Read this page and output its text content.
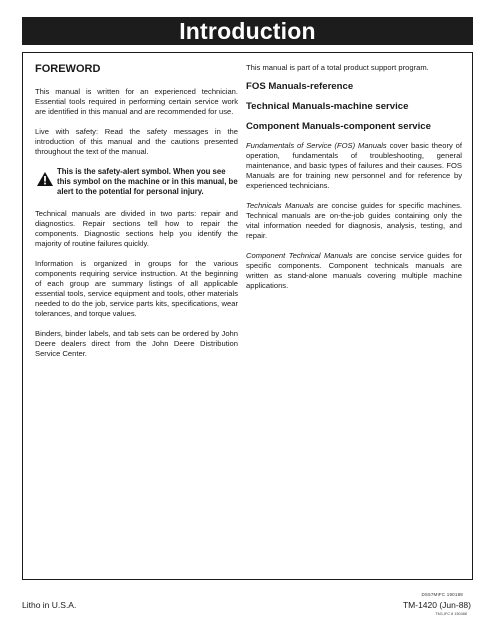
Introduction
FOREWORD

This manual is written for an experienced technician. Essential tools required in performing certain service work are identified in this manual and are recommended for use.

Live with safety: Read the safety messages in the introduction of this manual and the cautions presented throughout the text of the manual.

This is the safety-alert symbol. When you see this symbol on the machine or in this manual, be alert to the potential for personal injury.

Technical manuals are divided in two parts: repair and diagnostics. Repair sections tell how to repair the components. Diagnostic sections help you identify the majority of routine failures quickly.

Information is organized in groups for the various components requiring service instruction. At the beginning of each group are summary listings of all applicable essential tools, service equipment and tools, other materials needed to do the job, service parts kits, specifications, wear tolerances, and torque values.

Binders, binder labels, and tab sets can be ordered by John Deere dealers direct from the John Deere Distribution Service Center.

This manual is part of a total product support program.

FOS Manuals-reference
Technical Manuals-machine service
Component Manuals-component service

Fundamentals of Service (FOS) Manuals cover basic theory of operation, fundamentals of troubleshooting, general maintenance, and basic types of failures and their causes. FOS Manuals are for training new personnel and for reference by experienced technicians.

Technicals Manuals are concise guides for specific machines. Technical manuals are on-the-job guides containing only the vital information needed for diagnosis, analysis, testing, and repair.

Component Technical Manuals are concise service guides for specific components. Component technicals manuals are written as stand-alone manuals covering multiple machine applications.

DS57MIFC 190188
Litho in U.S.A.	TM-1420 (Jun-88)
TM1,IFC 8 150488
